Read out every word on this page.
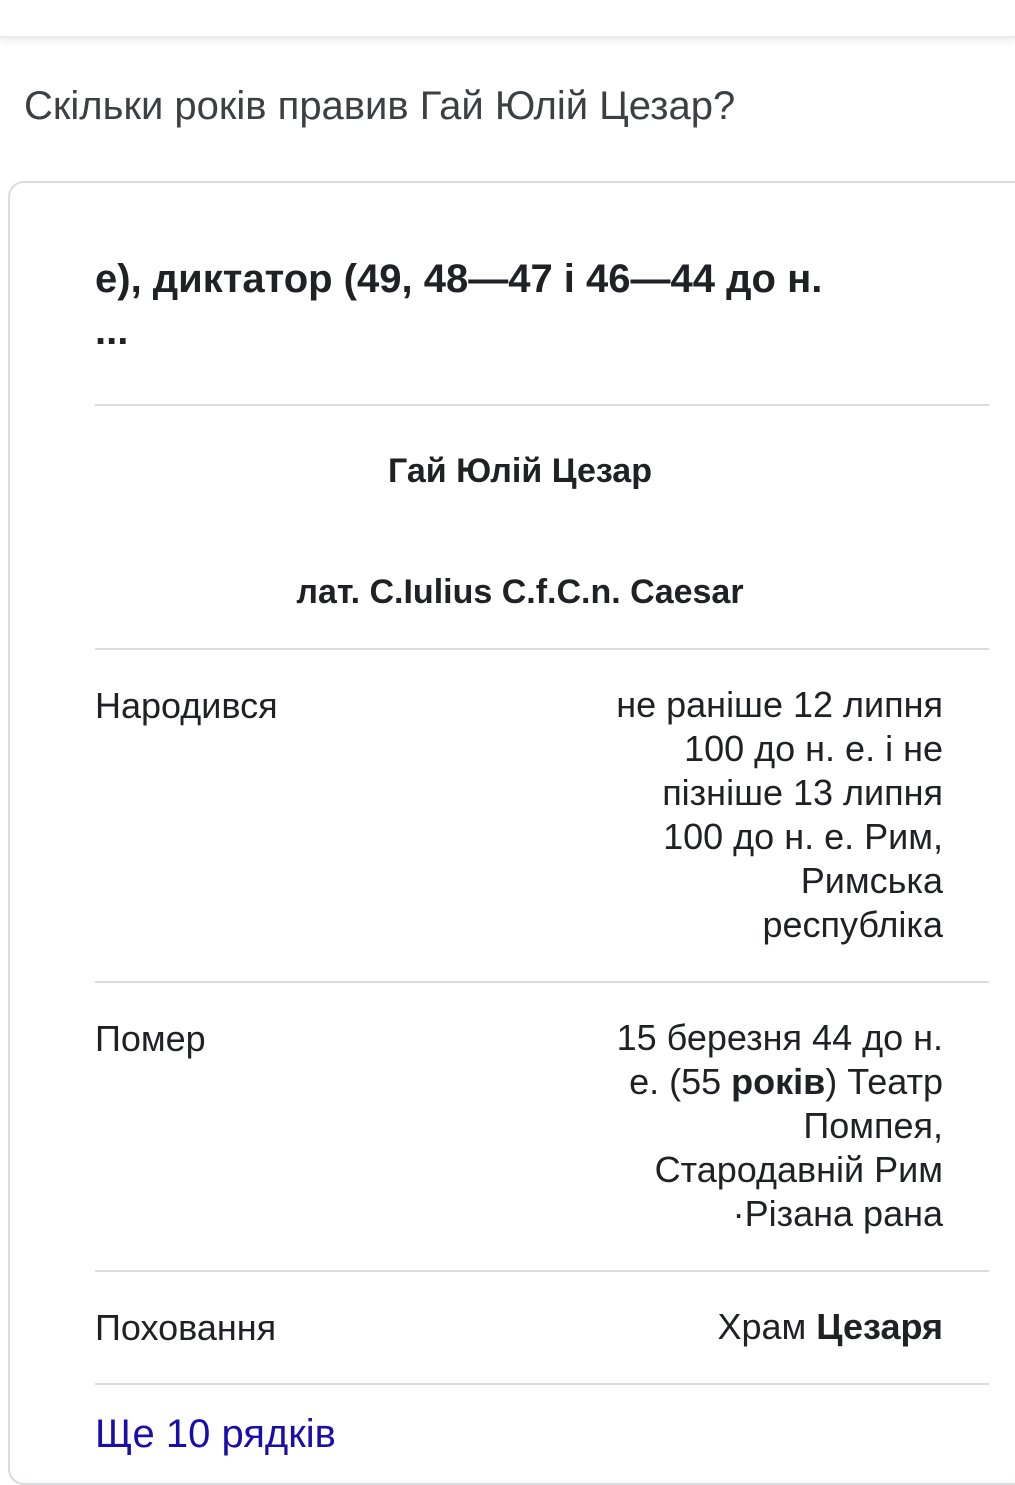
Скільки років правив Гай Юлій Цезар?
е), диктатор (49, 48—47 і 46—44 до н.
...
Гай Юлій Цезар
лат. C.Iulius C.f.C.n. Caesar
Народився	не раніше 12 липня
100 до н. е. і не
пізніше 13 липня
100 до н. е. Рим,
Римська
республіка
Помер	15 березня 44 до н.
е. (55 років) Театр
Помпея,
Стародавній Рим
·Різана рана
Поховання	Храм Цезаря
Ще 10 рядків
